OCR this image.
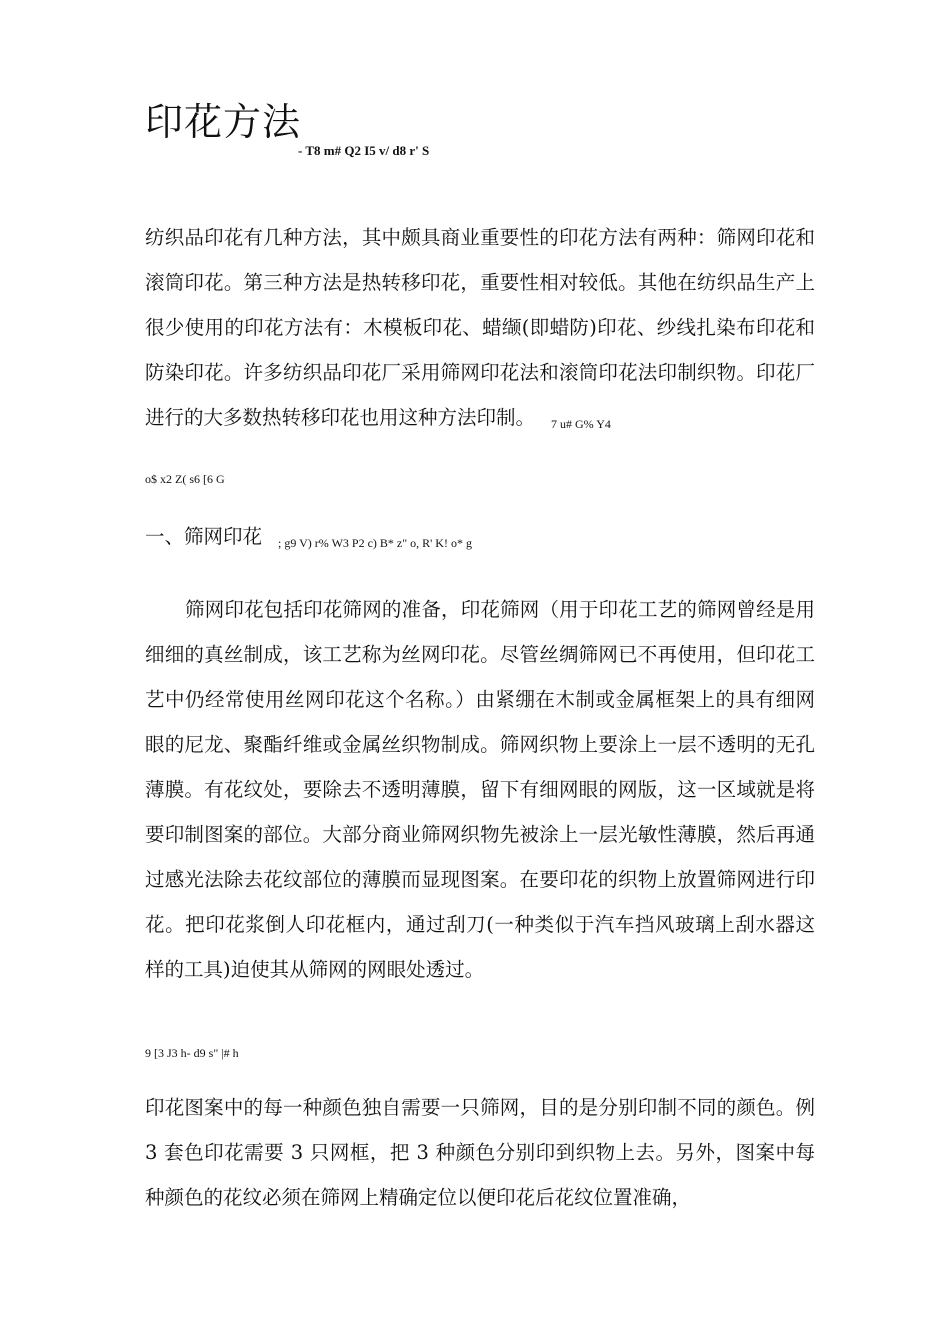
印花方法
- T8 m# Q2 I5 v/ d8 r' S

纺织品印花有几种方法，其中颇具商业重要性的印花方法有两种：筛网印花和滚筒印花。第三种方法是热转移印花，重要性相对较低。其他在纺织品生产上很少使用的印花方法有：木模板印花、蜡缬(即蜡防)印花、纱线扎染布印花和防染印花。许多纺织品印花厂采用筛网印花法和滚筒印花法印制织物。印花厂进行的大多数热转移印花也用这种方法印制。 $_{7 u\# G\% Y4}$

o$ x2 Z( s6 [6 G
一、筛网印花 $_{; g9 V) r\% W3 P2 c) B* z" o, R' K! o* g}$

筛网印花包括印花筛网的准备，印花筛网（用于印花工艺的筛网曾经是用细细的真丝制成，该工艺称为丝网印花。尽管丝绸筛网已不再使用，但印花工艺中仍经常使用丝网印花这个名称。）由紧绷在木制或金属框架上的具有细网眼的尼龙、聚酯纤维或金属丝织物制成。筛网织物上要涂上一层不透明的无孔薄膜。有花纹处，要除去不透明薄膜，留下有细网眼的网版，这一区域就是将要印制图案的部位。大部分商业筛网织物先被涂上一层光敏性薄膜，然后再通过感光法除去花纹部位的薄膜而显现图案。在要印花的织物上放置筛网进行印花。把印花浆倒人印花框内，通过刮刀(一种类似于汽车挡风玻璃上刮水器这样的工具)迫使其从筛网的网眼处透过。

9 [3 J3 h- d9 s" |# h

印花图案中的每一种颜色独自需要一只筛网，目的是分别印制不同的颜色。例 3 套色印花需要 3 只网框，把 3 种颜色分别印到织物上去。另外，图案中每种颜色的花纹必须在筛网上精确定位以便印花后花纹位置准确，
